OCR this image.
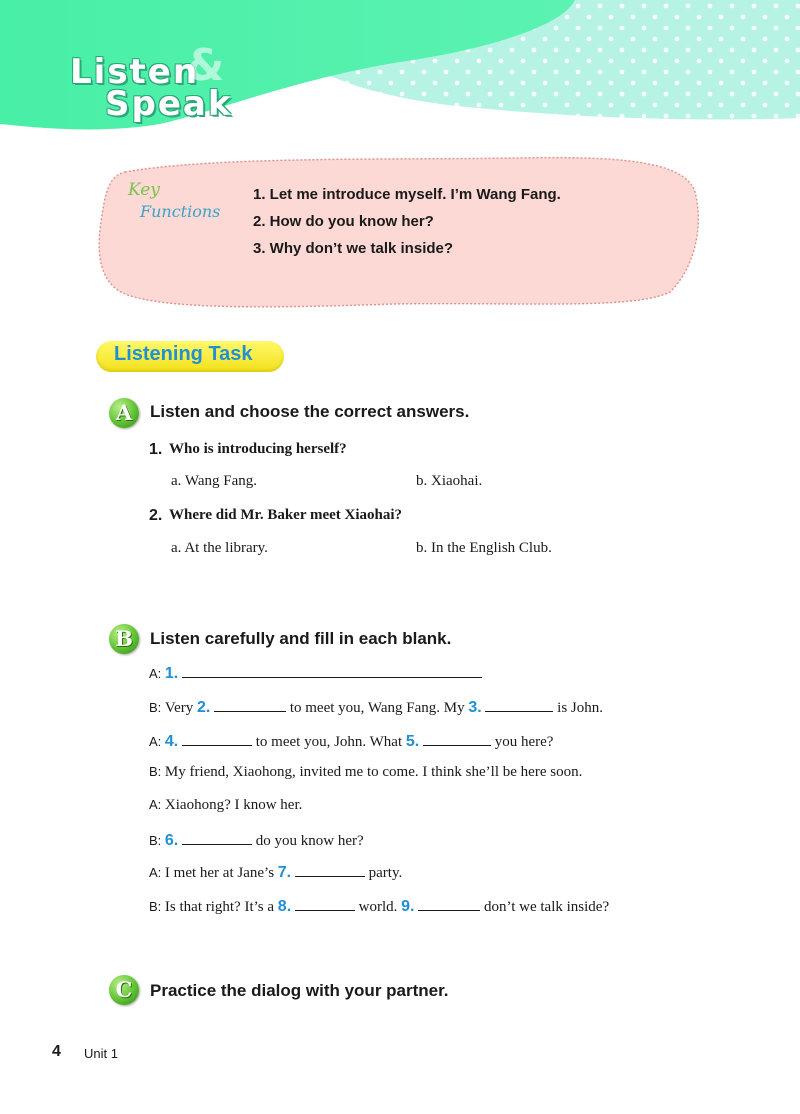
Listen
&
Speak
Key
Functions
1. Let me introduce myself. I’m Wang Fang.
2. How do you know her?
3. Why don’t we talk inside?
Listening Task
A	Listen and choose the correct answers.
1. Who is introducing herself?
a. Wang Fang.	b. Xiaohai.
2. Where did Mr. Baker meet Xiaohai?
a. At the library.	b. In the English Club.
B	Listen carefully and fill in each blank.
A: 1.
B: Very 2.	to meet you, Wang Fang. My 3.	is John.
A: 4.	to meet you, John. What 5.	you here?
B: My friend, Xiaohong, invited me to come. I think she’ll be here soon.
A: Xiaohong? I know her.
B: 6.	do you know her?
A: I met her at Jane’s 7.	party.
B: Is that right? It’s a 8.	world. 9.	don’t we talk inside?
C	Practice the dialog with your partner.
4 Unit 1
